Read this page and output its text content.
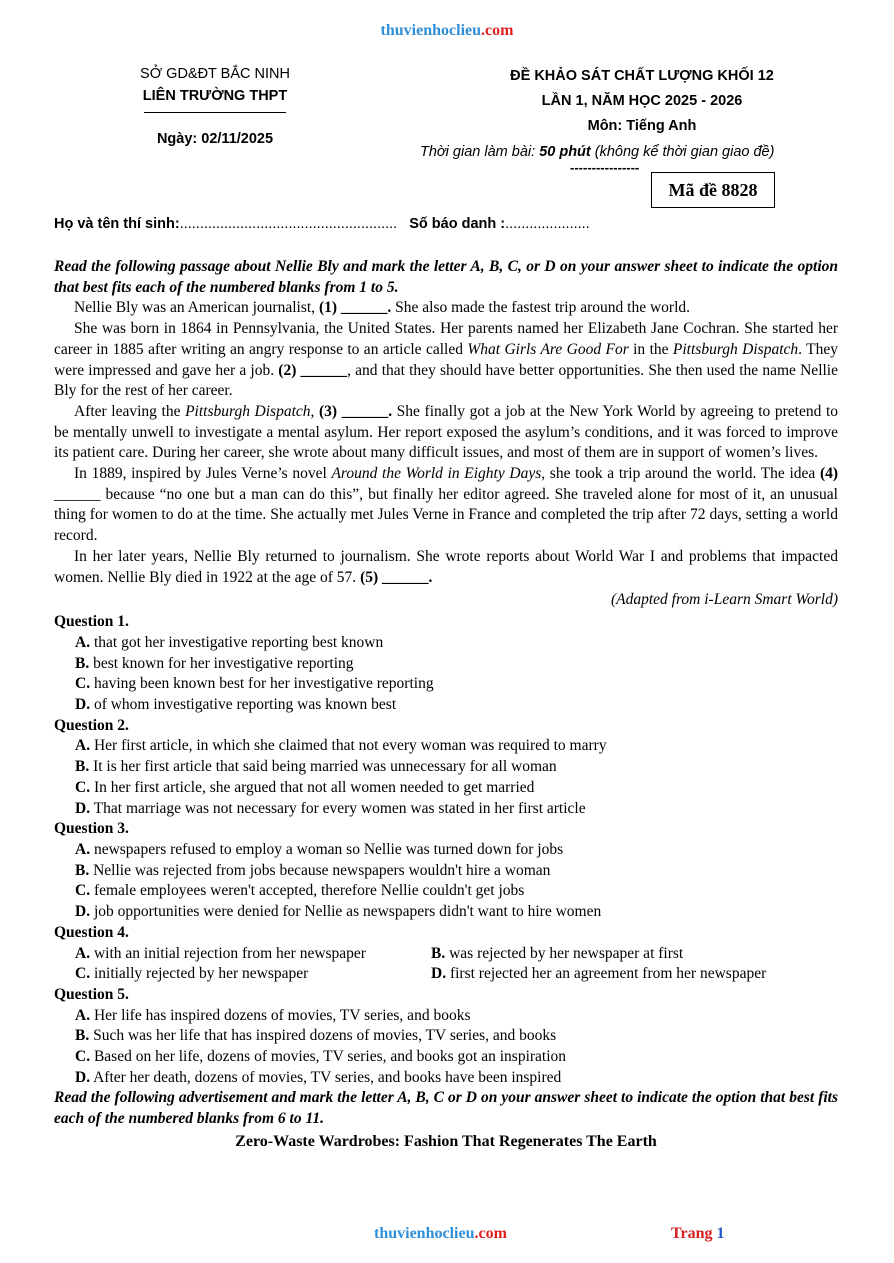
thuvienhoclieu.com
SỞ GD&ĐT BẮC NINH
LIÊN TRƯỜNG THPT
Ngày: 02/11/2025
ĐỀ KHẢO SÁT CHẤT LƯỢNG KHỐI 12
LẦN 1, NĂM HỌC 2025 - 2026
Môn: Tiếng Anh
Thời gian làm bài: 50 phút (không kể thời gian giao đề)
----------------
Mã đề 8828
Họ và tên thí sinh:...................................................... Số báo danh :.....................
Read the following passage about Nellie Bly and mark the letter A, B, C, or D on your answer sheet to indicate the option that best fits each of the numbered blanks from 1 to 5.

Nellie Bly was an American journalist, (1) ______. She also made the fastest trip around the world.

She was born in 1864 in Pennsylvania, the United States. Her parents named her Elizabeth Jane Cochran. She started her career in 1885 after writing an angry response to an article called What Girls Are Good For in the Pittsburgh Dispatch. They were impressed and gave her a job. (2) ______, and that they should have better opportunities. She then used the name Nellie Bly for the rest of her career.

After leaving the Pittsburgh Dispatch, (3) ______. She finally got a job at the New York World by agreeing to pretend to be mentally unwell to investigate a mental asylum. Her report exposed the asylum’s conditions, and it was forced to improve its patient care. During her career, she wrote about many difficult issues, and most of them are in support of women’s lives.

In 1889, inspired by Jules Verne’s novel Around the World in Eighty Days, she took a trip around the world. The idea (4) ______ because “no one but a man can do this”, but finally her editor agreed. She traveled alone for most of it, an unusual thing for women to do at the time. She actually met Jules Verne in France and completed the trip after 72 days, setting a world record.

In her later years, Nellie Bly returned to journalism. She wrote reports about World War I and problems that impacted women. Nellie Bly died in 1922 at the age of 57. (5) ______.

(Adapted from i-Learn Smart World)
Question 1.
A. that got her investigative reporting best known
B. best known for her investigative reporting
C. having been known best for her investigative reporting
D. of whom investigative reporting was known best
Question 2.
A. Her first article, in which she claimed that not every woman was required to marry
B. It is her first article that said being married was unnecessary for all woman
C. In her first article, she argued that not all women needed to get married
D. That marriage was not necessary for every women was stated in her first article
Question 3.
A. newspapers refused to employ a woman so Nellie was turned down for jobs
B. Nellie was rejected from jobs because newspapers wouldn't hire a woman
C. female employees weren't accepted, therefore Nellie couldn't get jobs
D. job opportunities were denied for Nellie as newspapers didn't want to hire women
Question 4.
A. with an initial rejection from her newspaper	B. was rejected by her newspaper at first
C. initially rejected by her newspaper	D. first rejected her an agreement from her newspaper
Question 5.
A. Her life has inspired dozens of movies, TV series, and books
B. Such was her life that has inspired dozens of movies, TV series, and books
C. Based on her life, dozens of movies, TV series, and books got an inspiration
D. After her death, dozens of movies, TV series, and books have been inspired
Read the following advertisement and mark the letter A, B, C or D on your answer sheet to indicate the option that best fits each of the numbered blanks from 6 to 11.
Zero-Waste Wardrobes: Fashion That Regenerates The Earth
thuvienhoclieu.com	Trang 1
